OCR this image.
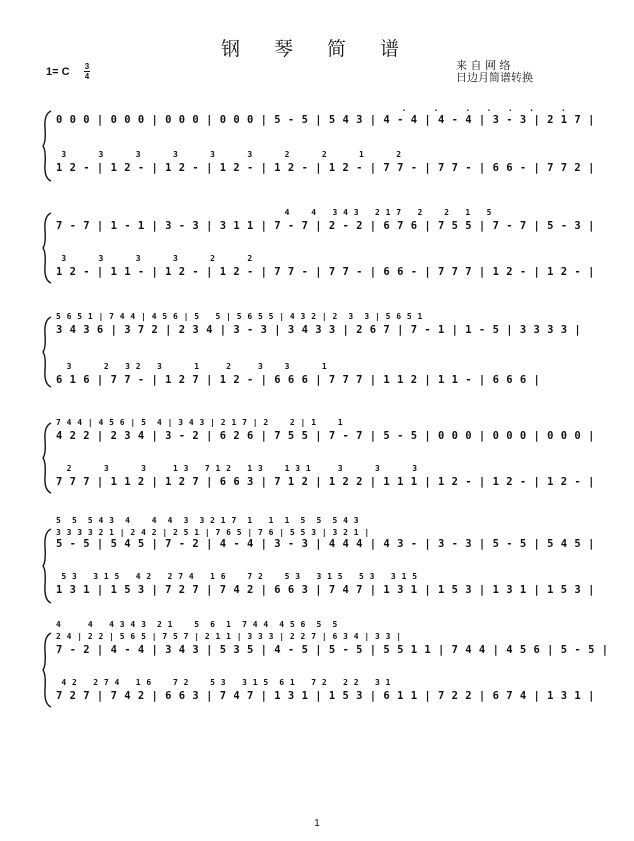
钢 琴 简 谱
1= C 3
4
来 自 网 络
日边月简谱转换
.     .     .   .   .   .     .
0 0 0 | 0 0 0 | 0 0 0 | 0 0 0 | 5 - 5 | 5 4 3 | 4 - 4 | 4 - 4 | 3 - 3 | 2 1 7 |
3      3      3      3      3      3      2      2      1      2
1 2 - | 1 2 - | 1 2 - | 1 2 - | 1 2 - | 1 2 - | 7 7 - | 7 7 - | 6 6 - | 7 7 2 |
4    4   3 4 3   2 1 7   2    2   1   5
7 - 7 | 1 - 1 | 3 - 3 | 3 1 1 | 7 - 7 | 2 - 2 | 6 7 6 | 7 5 5 | 7 - 7 | 5 - 3 |
3      3      3      3      2      2
1 2 - | 1 1 - | 1 2 - | 1 2 - | 7 7 - | 7 7 - | 6 6 - | 7 7 7 | 1 2 - | 1 2 - |
5 6 5 1 | 7 4 4 | 4 5 6 | 5   5 | 5 6 5 5 | 4 3 2 | 2  3  3 | 5 6 5 1
3 4 3 6 | 3 7 2 | 2 3 4 | 3 - 3 | 3 4 3 3 | 2 6 7 | 7 - 1 | 1 - 5 | 3 3 3 3 |
3      2   3 2   3      1     2     3    3      1
6 1 6 | 7 7 - | 1 2 7 | 1 2 - | 6 6 6 | 7 7 7 | 1 1 2 | 1 1 - | 6 6 6 |
7 4 4 | 4 5 6 | 5  4 | 3 4 3 | 2 1 7 | 2    2 | 1    1
4 2 2 | 2 3 4 | 3 - 2 | 6 2 6 | 7 5 5 | 7 - 7 | 5 - 5 | 0 0 0 | 0 0 0 | 0 0 0 |
2      3      3     1 3   7 1 2   1 3    1 3 1     3      3      3
7 7 7 | 1 1 2 | 1 2 7 | 6 6 3 | 7 1 2 | 1 2 2 | 1 1 1 | 1 2 - | 1 2 - | 1 2 - |
5  5  5 4 3  4    4  4  3  3 2 1 7  1   1  1  5  5  5 4 3
3 3 3 3 2 1 | 2 4 2 | 2 5 1 | 7 6 5 | 7 6 | 5 5 3 | 3 2 1 |
5 - 5 | 5 4 5 | 7 - 2 | 4 - 4 | 3 - 3 | 4 4 4 | 4 3 - | 3 - 3 | 5 - 5 | 5 4 5 |
5 3   3 1 5   4 2   2 7 4   1 6    7 2    5 3   3 1 5   5 3   3 1 5
1 3 1 | 1 5 3 | 7 2 7 | 7 4 2 | 6 6 3 | 7 4 7 | 1 3 1 | 1 5 3 | 1 3 1 | 1 5 3 |
4     4   4 3 4 3  2 1    5  6  1  7 4 4  4 5 6  5  5
2 4 | 2 2 | 5 6 5 | 7 5 7 | 2 1 1 | 3 3 3 | 2 2 7 | 6 3 4 | 3 3 |
7 - 2 | 4 - 4 | 3 4 3 | 5 3 5 | 4 - 5 | 5 - 5 | 5 5 1 1 | 7 4 4 | 4 5 6 | 5 - 5 |
4 2   2 7 4   1 6    7 2    5 3   3 1 5  6 1   7 2   2 2   3 1
7 2 7 | 7 4 2 | 6 6 3 | 7 4 7 | 1 3 1 | 1 5 3 | 6 1 1 | 7 2 2 | 6 7 4 | 1 3 1 |
1
